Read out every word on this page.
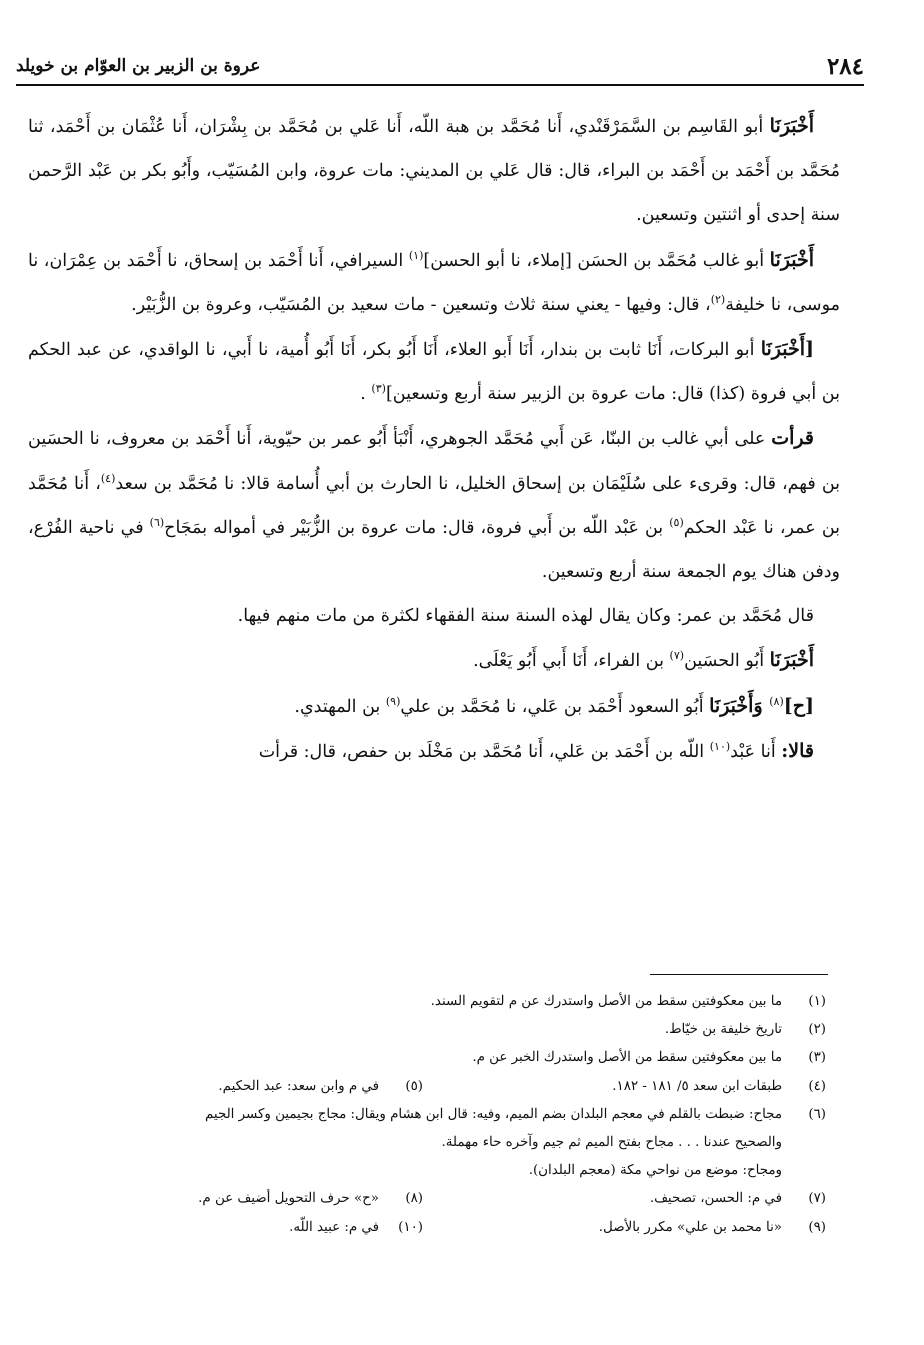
٢٨٤
عروة بن الزبير بن العوّام بن خويلد

أَخْبَرَنَا أبو القَاسِم بن السَّمَرْقَنْدي، أَنا مُحَمَّد بن هبة اللّه، أَنا عَلي بن مُحَمَّد بن بِشْرَان، أَنا عُثْمَان بن أَحْمَد، ثنا مُحَمَّد بن أَحْمَد بن أَحْمَد بن البراء، قال: قال عَلي بن المديني: مات عروة، وابن المُسَيّب، وأَبُو بكر بن عَبْد الرَّحمن سنة إحدى أو اثنتين وتسعين.

أَخْبَرَنَا أبو غالب مُحَمَّد بن الحسَن [إملاء، نا أبو الحسن]$^{(١)}$ السيرافي، أَنا أَحْمَد بن إسحاق، نا أَحْمَد بن عِمْرَان، نا موسى، نا خليفة$^{(٢)}$، قال: وفيها - يعني سنة ثلاث وتسعين - مات سعيد بن المُسَيّب، وعروة بن الزُّبَيْر.

[أَخْبَرَنَا أبو البركات، أَنَا ثابت بن بندار، أَنَا أَبو العلاء، أَنَا أَبُو بكر، أَنَا أَبُو أُمية، نا أَبي، نا الواقدي، عن عبد الحكم بن أبي فروة (كذا) قال: مات عروة بن الزبير سنة أربع وتسعين]$^{(٣)}$ .

قرأت على أبي غالب بن البنّا، عَن أَبي مُحَمَّد الجوهري، أَنْبَأ أَبُو عمر بن حيّوية، أَنا أَحْمَد بن معروف، نا الحسَين بن فهم، قال: وقرىء على سُلَيْمَان بن إسحاق الخليل، نا الحارث بن أبي أُسامة قالا: نا مُحَمَّد بن سعد$^{(٤)}$، أَنا مُحَمَّد بن عمر، نا عَبْد الحكم$^{(٥)}$ بن عَبْد اللّه بن أَبي فروة، قال: مات عروة بن الزُّبَيْر في أمواله بمَجَاح$^{(٦)}$ في ناحية الفُرْع، ودفن هناك يوم الجمعة سنة أربع وتسعين.

قال مُحَمَّد بن عمر: وكان يقال لهذه السنة سنة الفقهاء لكثرة من مات منهم فيها.

أَخْبَرَنَا أَبُو الحسَين$^{(٧)}$ بن الفراء، أَنَا أَبي أَبُو يَعْلَى.

[ح]$^{(٨)}$ وَأَخْبَرَنَا أَبُو السعود أَحْمَد بن عَلي، نا مُحَمَّد بن علي$^{(٩)}$ بن المهتدي.

قالا: أَنا عَبْد$^{(١٠)}$ اللّه بن أَحْمَد بن عَلي، أَنا مُحَمَّد بن مَخْلَد بن حفص، قال: قرأت

(١)
ما بين معكوفتين سقط من الأصل واستدرك عن م لتقويم السند.
(٢)
تاريخ خليفة بن خيّاط.
(٣)
ما بين معكوفتين سقط من الأصل واستدرك الخبر عن م.
(٤)
طبقات ابن سعد ٥/ ١٨١ - ١٨٢.
(٥)
في م وابن سعد: عبد الحكيم.
(٦)
مجاح: ضبطت بالقلم في معجم البلدان بضم الميم، وفيه: قال ابن هشام ويقال: مجاج بجيمين وكسر الجيم
والصحيح عندنا . . . مجاح بفتح الميم ثم جيم وآخره حاء مهملة.
ومجاح: موضع من نواحي مكة (معجم البلدان).
(٧)
في م: الحسن، تصحيف.
(٨)
«ح» حرف التحويل أضيف عن م.
(٩)
«نا محمد بن علي» مكرر بالأصل.
(١٠)
في م: عبيد اللّه.
